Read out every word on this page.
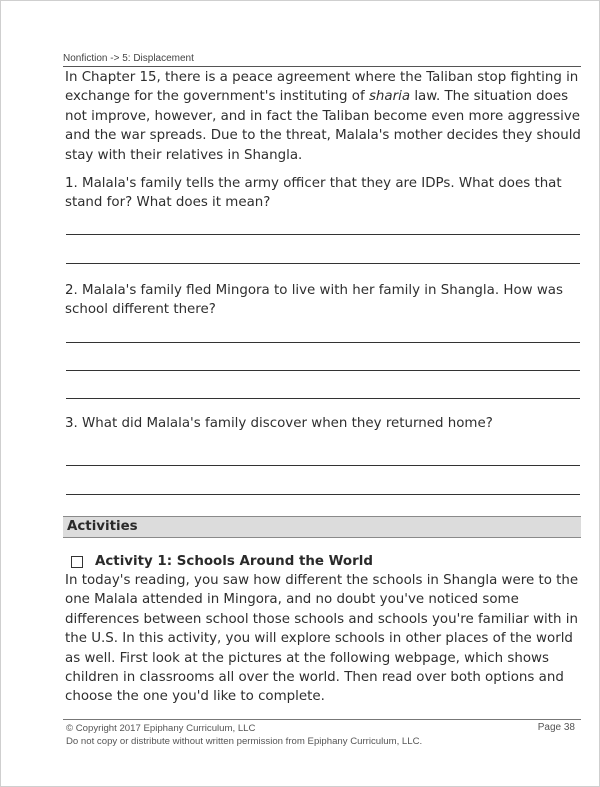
Nonfiction -> 5: Displacement

In Chapter 15, there is a peace agreement where the Taliban stop fighting in exchange for the government's instituting of sharia law. The situation does not improve, however, and in fact the Taliban become even more aggressive and the war spreads. Due to the threat, Malala's mother decides they should stay with their relatives in Shangla.

1. Malala's family tells the army officer that they are IDPs. What does that stand for? What does it mean?

2. Malala's family fled Mingora to live with her family in Shangla. How was school different there?

3. What did Malala's family discover when they returned home?

Activities
Activity 1: Schools Around the World

In today's reading, you saw how different the schools in Shangla were to the one Malala attended in Mingora, and no doubt you've noticed some differences between school those schools and schools you're familiar with in the U.S. In this activity, you will explore schools in other places of the world as well. First look at the pictures at the following webpage, which shows children in classrooms all over the world. Then read over both options and choose the one you'd like to complete.

© Copyright 2017 Epiphany Curriculum, LLC
Do not copy or distribute without written permission from Epiphany Curriculum, LLC.
Page 38
